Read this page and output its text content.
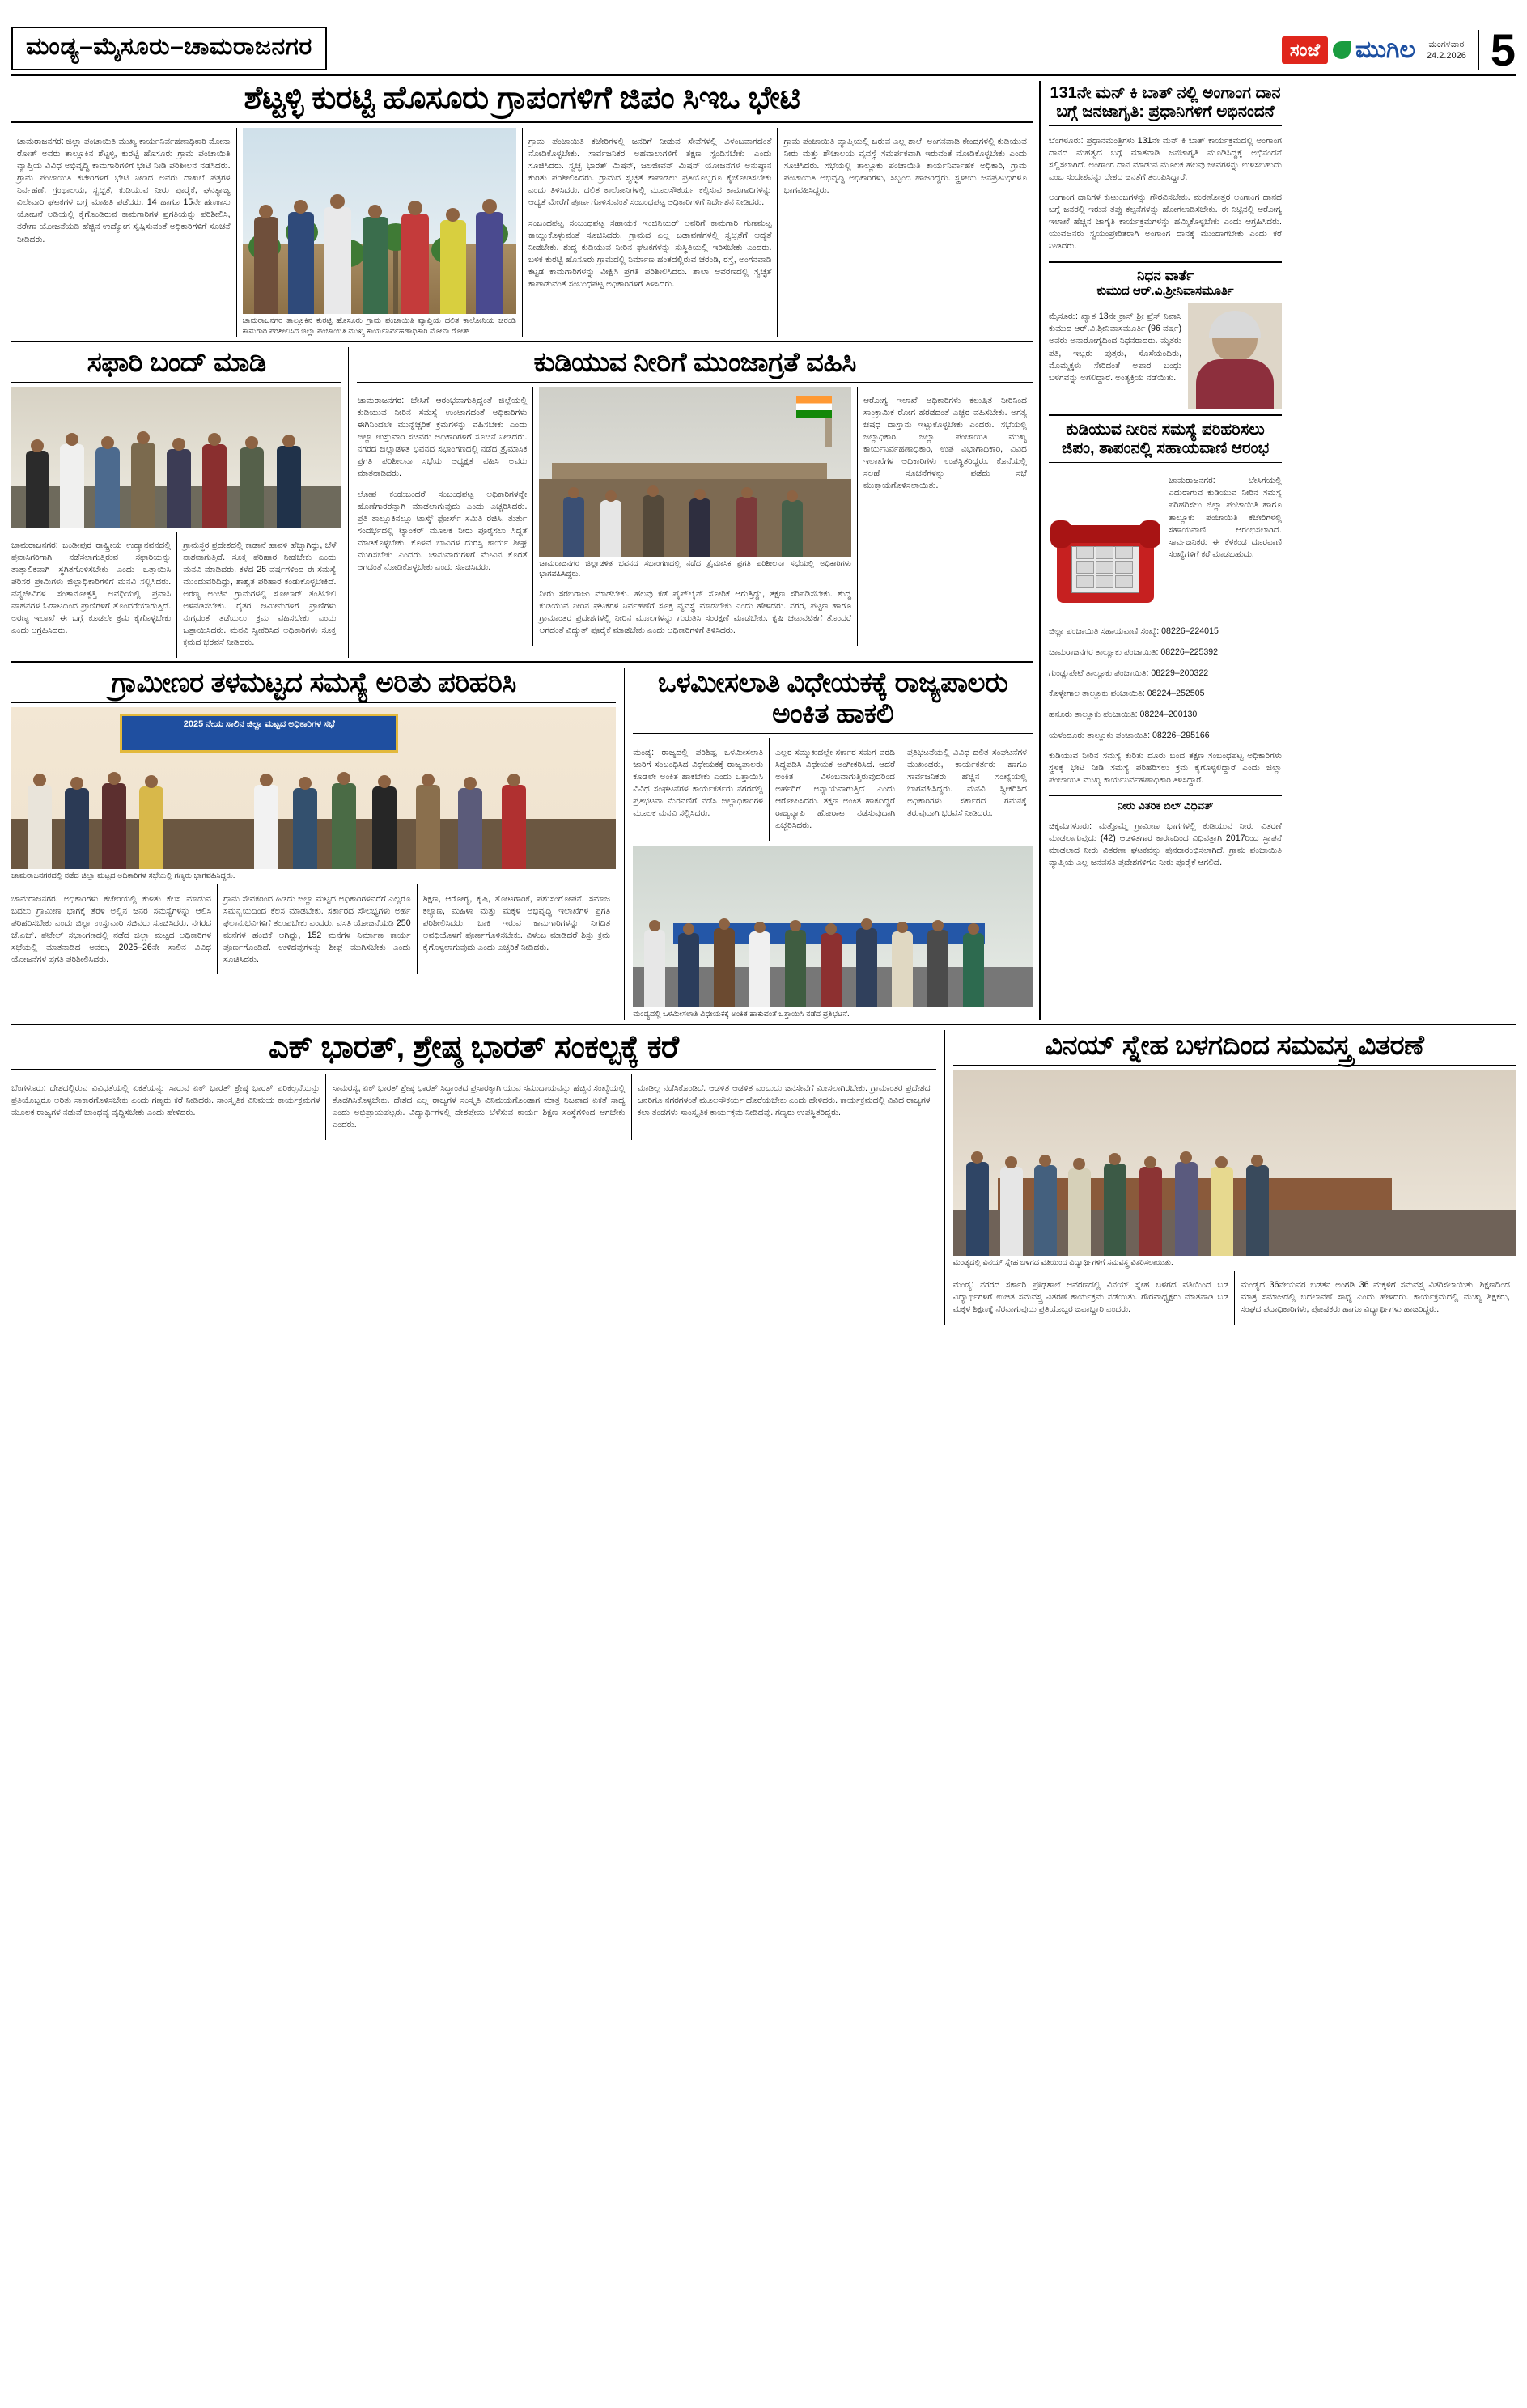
ಮಂಡ್ಯ–ಮೈಸೂರು–ಚಾಮರಾಜನಗರ	ಸಂಜೆ	ಮುಗಿಲ ಮಂಗಳವಾರ
24.2.2026 5
ಶೆಟ್ಟಳ್ಳಿ ಕುರಟ್ಟಿ ಹೊಸೂರು ಗ್ರಾಪಂಗಳಿಗೆ ಜಿಪಂ ಸಿಇಒ ಭೇಟಿ

ಚಾಮರಾಜನಗರ: ಜಿಲ್ಲಾ ಪಂಚಾಯಿತಿ ಮುಖ್ಯ ಕಾರ್ಯನಿರ್ವಹಣಾಧಿಕಾರಿ ಮೋನಾ ರೋತ್ ಅವರು ತಾಲ್ಲೂಕಿನ ಶೆಟ್ಟಳ್ಳಿ, ಕುರಟ್ಟಿ ಹೊಸೂರು ಗ್ರಾಮ ಪಂಚಾಯಿತಿ ವ್ಯಾಪ್ತಿಯ ವಿವಿಧ ಅಭಿವೃದ್ಧಿ ಕಾಮಗಾರಿಗಳಿಗೆ ಭೇಟಿ ನೀಡಿ ಪರಿಶೀಲನೆ ನಡೆಸಿದರು. ಗ್ರಾಮ ಪಂಚಾಯಿತಿ ಕಚೇರಿಗಳಿಗೆ ಭೇಟಿ ನೀಡಿದ ಅವರು ದಾಖಲೆ ಪತ್ರಗಳ ನಿರ್ವಹಣೆ, ಗ್ರಂಥಾಲಯ, ಸ್ವಚ್ಛತೆ, ಕುಡಿಯುವ ನೀರು ಪೂರೈಕೆ, ಘನತ್ಯಾಜ್ಯ ವಿಲೇವಾರಿ ಘಟಕಗಳ ಬಗ್ಗೆ ಮಾಹಿತಿ ಪಡೆದರು. 14 ಹಾಗೂ 15ನೇ ಹಣಕಾಸು ಯೋಜನೆ ಅಡಿಯಲ್ಲಿ ಕೈಗೊಂಡಿರುವ ಕಾಮಗಾರಿಗಳ ಪ್ರಗತಿಯನ್ನು ಪರಿಶೀಲಿಸಿ, ನರೇಗಾ ಯೋಜನೆಯಡಿ ಹೆಚ್ಚಿನ ಉದ್ಯೋಗ ಸೃಷ್ಟಿಸುವಂತೆ ಅಧಿಕಾರಿಗಳಿಗೆ ಸೂಚನೆ ನೀಡಿದರು.

ಚಾಮರಾಜನಗರ ತಾಲ್ಲೂಕಿನ ಕುರಟ್ಟಿ ಹೊಸೂರು ಗ್ರಾಮ ಪಂಚಾಯಿತಿ ವ್ಯಾಪ್ತಿಯ ದಲಿತ ಕಾಲೋನಿಯ ಚರಂಡಿ ಕಾಮಗಾರಿ ಪರಿಶೀಲಿಸಿದ ಜಿಲ್ಲಾ ಪಂಚಾಯಿತಿ ಮುಖ್ಯ ಕಾರ್ಯನಿರ್ವಹಣಾಧಿಕಾರಿ ಮೋನಾ ರೋತ್.

ಗ್ರಾಮ ಪಂಚಾಯಿತಿ ಕಚೇರಿಗಳಲ್ಲಿ ಜನರಿಗೆ ನೀಡುವ ಸೇವೆಗಳಲ್ಲಿ ವಿಳಂಬವಾಗದಂತೆ ನೋಡಿಕೊಳ್ಳಬೇಕು. ಸಾರ್ವಜನಿಕರ ಅಹವಾಲುಗಳಿಗೆ ತಕ್ಷಣ ಸ್ಪಂದಿಸಬೇಕು ಎಂದು ಸೂಚಿಸಿದರು. ಸ್ವಚ್ಛ ಭಾರತ್ ಮಿಷನ್, ಜಲಜೀವನ್ ಮಿಷನ್ ಯೋಜನೆಗಳ ಅನುಷ್ಠಾನ ಕುರಿತು ಪರಿಶೀಲಿಸಿದರು. ಗ್ರಾಮದ ಸ್ವಚ್ಛತೆ ಕಾಪಾಡಲು ಪ್ರತಿಯೊಬ್ಬರೂ ಕೈಜೋಡಿಸಬೇಕು ಎಂದು ತಿಳಿಸಿದರು. ದಲಿತ ಕಾಲೋನಿಗಳಲ್ಲಿ ಮೂಲಸೌಕರ್ಯ ಕಲ್ಪಿಸುವ ಕಾಮಗಾರಿಗಳನ್ನು ಆದ್ಯತೆ ಮೇರೆಗೆ ಪೂರ್ಣಗೊಳಿಸುವಂತೆ ಸಂಬಂಧಪಟ್ಟ ಅಧಿಕಾರಿಗಳಿಗೆ ನಿರ್ದೇಶನ ನೀಡಿದರು.

ಸಂಬಂಧಪಟ್ಟ ಸಂಬಂಧಪಟ್ಟ ಸಹಾಯಕ ಇಂಜಿನಿಯರ್ ಅವರಿಗೆ ಕಾಮಗಾರಿ ಗುಣಮಟ್ಟ ಕಾಯ್ದುಕೊಳ್ಳುವಂತೆ ಸೂಚಿಸಿದರು. ಗ್ರಾಮದ ಎಲ್ಲ ಬಡಾವಣೆಗಳಲ್ಲಿ ಸ್ವಚ್ಛತೆಗೆ ಆದ್ಯತೆ ನೀಡಬೇಕು. ಶುದ್ಧ ಕುಡಿಯುವ ನೀರಿನ ಘಟಕಗಳನ್ನು ಸುಸ್ಥಿತಿಯಲ್ಲಿ ಇರಿಸಬೇಕು ಎಂದರು. ಬಳಿಕ ಕುರಟ್ಟಿ ಹೊಸೂರು ಗ್ರಾಮದಲ್ಲಿ ನಿರ್ಮಾಣ ಹಂತದಲ್ಲಿರುವ ಚರಂಡಿ, ರಸ್ತೆ, ಅಂಗನವಾಡಿ ಕಟ್ಟಡ ಕಾಮಗಾರಿಗಳನ್ನು ವೀಕ್ಷಿಸಿ ಪ್ರಗತಿ ಪರಿಶೀಲಿಸಿದರು. ಶಾಲಾ ಆವರಣದಲ್ಲಿ ಸ್ವಚ್ಛತೆ ಕಾಪಾಡುವಂತೆ ಸಂಬಂಧಪಟ್ಟ ಅಧಿಕಾರಿಗಳಿಗೆ ತಿಳಿಸಿದರು.

ಗ್ರಾಮ ಪಂಚಾಯಿತಿ ವ್ಯಾಪ್ತಿಯಲ್ಲಿ ಬರುವ ಎಲ್ಲ ಶಾಲೆ, ಅಂಗನವಾಡಿ ಕೇಂದ್ರಗಳಲ್ಲಿ ಕುಡಿಯುವ ನೀರು ಮತ್ತು ಶೌಚಾಲಯ ವ್ಯವಸ್ಥೆ ಸಮರ್ಪಕವಾಗಿ ಇರುವಂತೆ ನೋಡಿಕೊಳ್ಳಬೇಕು ಎಂದು ಸೂಚಿಸಿದರು. ಸಭೆಯಲ್ಲಿ ತಾಲ್ಲೂಕು ಪಂಚಾಯಿತಿ ಕಾರ್ಯನಿರ್ವಾಹಕ ಅಧಿಕಾರಿ, ಗ್ರಾಮ ಪಂಚಾಯಿತಿ ಅಭಿವೃದ್ಧಿ ಅಧಿಕಾರಿಗಳು, ಸಿಬ್ಬಂದಿ ಹಾಜರಿದ್ದರು. ಸ್ಥಳೀಯ ಜನಪ್ರತಿನಿಧಿಗಳೂ ಭಾಗವಹಿಸಿದ್ದರು.

ಸಫಾರಿ ಬಂದ್ ಮಾಡಿ

ಚಾಮರಾಜನಗರ: ಬಂಡೀಪುರ ರಾಷ್ಟ್ರೀಯ ಉದ್ಯಾನವನದಲ್ಲಿ ಪ್ರವಾಸಿಗರಿಗಾಗಿ ನಡೆಸಲಾಗುತ್ತಿರುವ ಸಫಾರಿಯನ್ನು ತಾತ್ಕಾಲಿಕವಾಗಿ ಸ್ಥಗಿತಗೊಳಿಸಬೇಕು ಎಂದು ಒತ್ತಾಯಿಸಿ ಪರಿಸರ ಪ್ರೇಮಿಗಳು ಜಿಲ್ಲಾಧಿಕಾರಿಗಳಿಗೆ ಮನವಿ ಸಲ್ಲಿಸಿದರು. ವನ್ಯಜೀವಿಗಳ ಸಂತಾನೋತ್ಪತ್ತಿ ಅವಧಿಯಲ್ಲಿ ಪ್ರವಾಸಿ ವಾಹನಗಳ ಓಡಾಟದಿಂದ ಪ್ರಾಣಿಗಳಿಗೆ ತೊಂದರೆಯಾಗುತ್ತಿದೆ. ಅರಣ್ಯ ಇಲಾಖೆ ಈ ಬಗ್ಗೆ ಕೂಡಲೇ ಕ್ರಮ ಕೈಗೊಳ್ಳಬೇಕು ಎಂದು ಆಗ್ರಹಿಸಿದರು.

ಗ್ರಾಮಸ್ಥರ ಪ್ರದೇಶದಲ್ಲಿ ಕಾಡಾನೆ ಹಾವಳಿ ಹೆಚ್ಚಾಗಿದ್ದು, ಬೆಳೆ ನಾಶವಾಗುತ್ತಿದೆ. ಸೂಕ್ತ ಪರಿಹಾರ ನೀಡಬೇಕು ಎಂದು ಮನವಿ ಮಾಡಿದರು. ಕಳೆದ 25 ವರ್ಷಗಳಿಂದ ಈ ಸಮಸ್ಯೆ ಮುಂದುವರಿದಿದ್ದು, ಶಾಶ್ವತ ಪರಿಹಾರ ಕಂಡುಕೊಳ್ಳಬೇಕಿದೆ. ಅರಣ್ಯ ಅಂಚಿನ ಗ್ರಾಮಗಳಲ್ಲಿ ಸೋಲಾರ್ ತಂತಿಬೇಲಿ ಅಳವಡಿಸಬೇಕು. ರೈತರ ಜಮೀನುಗಳಿಗೆ ಪ್ರಾಣಿಗಳು ನುಗ್ಗದಂತೆ ತಡೆಯಲು ಕ್ರಮ ವಹಿಸಬೇಕು ಎಂದು ಒತ್ತಾಯಿಸಿದರು. ಮನವಿ ಸ್ವೀಕರಿಸಿದ ಅಧಿಕಾರಿಗಳು ಸೂಕ್ತ ಕ್ರಮದ ಭರವಸೆ ನೀಡಿದರು.

ಕುಡಿಯುವ ನೀರಿಗೆ ಮುಂಜಾಗ್ರತೆ ವಹಿಸಿ

ಚಾಮರಾಜನಗರ: ಬೇಸಿಗೆ ಆರಂಭವಾಗುತ್ತಿದ್ದಂತೆ ಜಿಲ್ಲೆಯಲ್ಲಿ ಕುಡಿಯುವ ನೀರಿನ ಸಮಸ್ಯೆ ಉಂಟಾಗದಂತೆ ಅಧಿಕಾರಿಗಳು ಈಗಿನಿಂದಲೇ ಮುನ್ನೆಚ್ಚರಿಕೆ ಕ್ರಮಗಳನ್ನು ವಹಿಸಬೇಕು ಎಂದು ಜಿಲ್ಲಾ ಉಸ್ತುವಾರಿ ಸಚಿವರು ಅಧಿಕಾರಿಗಳಿಗೆ ಸೂಚನೆ ನೀಡಿದರು. ನಗರದ ಜಿಲ್ಲಾಡಳಿತ ಭವನದ ಸಭಾಂಗಣದಲ್ಲಿ ನಡೆದ ತ್ರೈಮಾಸಿಕ ಪ್ರಗತಿ ಪರಿಶೀಲನಾ ಸಭೆಯ ಅಧ್ಯಕ್ಷತೆ ವಹಿಸಿ ಅವರು ಮಾತನಾಡಿದರು.

ಲೋಪ ಕಂಡುಬಂದರೆ ಸಂಬಂಧಪಟ್ಟ ಅಧಿಕಾರಿಗಳನ್ನೇ ಹೊಣೆಗಾರರನ್ನಾಗಿ ಮಾಡಲಾಗುವುದು ಎಂದು ಎಚ್ಚರಿಸಿದರು. ಪ್ರತಿ ತಾಲ್ಲೂಕಿನಲ್ಲೂ ಟಾಸ್ಕ್ ಫೋರ್ಸ್ ಸಮಿತಿ ರಚಿಸಿ, ತುರ್ತು ಸಂದರ್ಭದಲ್ಲಿ ಟ್ಯಾಂಕರ್ ಮೂಲಕ ನೀರು ಪೂರೈಸಲು ಸಿದ್ಧತೆ ಮಾಡಿಕೊಳ್ಳಬೇಕು. ಕೊಳವೆ ಬಾವಿಗಳ ದುರಸ್ತಿ ಕಾರ್ಯ ಶೀಘ್ರ ಮುಗಿಸಬೇಕು ಎಂದರು. ಜಾನುವಾರುಗಳಿಗೆ ಮೇವಿನ ಕೊರತೆ ಆಗದಂತೆ ನೋಡಿಕೊಳ್ಳಬೇಕು ಎಂದು ಸೂಚಿಸಿದರು.	ಚಾಮರಾಜನಗರ ಜಿಲ್ಲಾಡಳಿತ ಭವನದ ಸಭಾಂಗಣದಲ್ಲಿ ನಡೆದ ತ್ರೈಮಾಸಿಕ ಪ್ರಗತಿ ಪರಿಶೀಲನಾ ಸಭೆಯಲ್ಲಿ ಅಧಿಕಾರಿಗಳು ಭಾಗವಹಿಸಿದ್ದರು.

ನೀರು ಸರಬರಾಜು ಮಾಡಬೇಕು. ಹಲವು ಕಡೆ ಪೈಪ್‌ಲೈನ್ ಸೋರಿಕೆ ಆಗುತ್ತಿದ್ದು, ತಕ್ಷಣ ಸರಿಪಡಿಸಬೇಕು. ಶುದ್ಧ ಕುಡಿಯುವ ನೀರಿನ ಘಟಕಗಳ ನಿರ್ವಹಣೆಗೆ ಸೂಕ್ತ ವ್ಯವಸ್ಥೆ ಮಾಡಬೇಕು ಎಂದು ಹೇಳಿದರು. ನಗರ, ಪಟ್ಟಣ ಹಾಗೂ ಗ್ರಾಮಾಂತರ ಪ್ರದೇಶಗಳಲ್ಲಿ ನೀರಿನ ಮೂಲಗಳನ್ನು ಗುರುತಿಸಿ ಸಂರಕ್ಷಣೆ ಮಾಡಬೇಕು. ಕೃಷಿ ಚಟುವಟಿಕೆಗೆ ತೊಂದರೆ ಆಗದಂತೆ ವಿದ್ಯುತ್ ಪೂರೈಕೆ ಮಾಡಬೇಕು ಎಂದು ಅಧಿಕಾರಿಗಳಿಗೆ ತಿಳಿಸಿದರು.

ಆರೋಗ್ಯ ಇಲಾಖೆ ಅಧಿಕಾರಿಗಳು ಕಲುಷಿತ ನೀರಿನಿಂದ ಸಾಂಕ್ರಾಮಿಕ ರೋಗ ಹರಡದಂತೆ ಎಚ್ಚರ ವಹಿಸಬೇಕು. ಅಗತ್ಯ ಔಷಧ ದಾಸ್ತಾನು ಇಟ್ಟುಕೊಳ್ಳಬೇಕು ಎಂದರು. ಸಭೆಯಲ್ಲಿ ಜಿಲ್ಲಾಧಿಕಾರಿ, ಜಿಲ್ಲಾ ಪಂಚಾಯಿತಿ ಮುಖ್ಯ ಕಾರ್ಯನಿರ್ವಹಣಾಧಿಕಾರಿ, ಉಪ ವಿಭಾಗಾಧಿಕಾರಿ, ವಿವಿಧ ಇಲಾಖೆಗಳ ಅಧಿಕಾರಿಗಳು ಉಪಸ್ಥಿತರಿದ್ದರು. ಕೊನೆಯಲ್ಲಿ ಸಲಹೆ ಸೂಚನೆಗಳನ್ನು ಪಡೆದು ಸಭೆ ಮುಕ್ತಾಯಗೊಳಿಸಲಾಯಿತು.

ಗ್ರಾಮೀಣರ ತಳಮಟ್ಟದ ಸಮಸ್ಯೆ ಅರಿತು ಪರಿಹರಿಸಿ
2025 ನೇಯ ಸಾಲಿನ ಜಿಲ್ಲಾ ಮಟ್ಟದ ಅಧಿಕಾರಿಗಳ ಸಭೆ
ಚಾಮರಾಜನಗರದಲ್ಲಿ ನಡೆದ ಜಿಲ್ಲಾ ಮಟ್ಟದ ಅಧಿಕಾರಿಗಳ ಸಭೆಯಲ್ಲಿ ಗಣ್ಯರು ಭಾಗವಹಿಸಿದ್ದರು.

ಚಾಮರಾಜನಗರ: ಅಧಿಕಾರಿಗಳು ಕಚೇರಿಯಲ್ಲಿ ಕುಳಿತು ಕೆಲಸ ಮಾಡುವ ಬದಲು ಗ್ರಾಮೀಣ ಭಾಗಕ್ಕೆ ತೆರಳಿ ಅಲ್ಲಿನ ಜನರ ಸಮಸ್ಯೆಗಳನ್ನು ಆಲಿಸಿ ಪರಿಹರಿಸಬೇಕು ಎಂದು ಜಿಲ್ಲಾ ಉಸ್ತುವಾರಿ ಸಚಿವರು ಸೂಚಿಸಿದರು. ನಗರದ ಜೆ.ಎಚ್. ಪಟೇಲ್ ಸಭಾಂಗಣದಲ್ಲಿ ನಡೆದ ಜಿಲ್ಲಾ ಮಟ್ಟದ ಅಧಿಕಾರಿಗಳ ಸಭೆಯಲ್ಲಿ ಮಾತನಾಡಿದ ಅವರು, 2025–26ನೇ ಸಾಲಿನ ವಿವಿಧ ಯೋಜನೆಗಳ ಪ್ರಗತಿ ಪರಿಶೀಲಿಸಿದರು.

ಗ್ರಾಮ ಸೇವಕರಿಂದ ಹಿಡಿದು ಜಿಲ್ಲಾ ಮಟ್ಟದ ಅಧಿಕಾರಿಗಳವರೆಗೆ ಎಲ್ಲರೂ ಸಮನ್ವಯದಿಂದ ಕೆಲಸ ಮಾಡಬೇಕು. ಸರ್ಕಾರದ ಸೌಲಭ್ಯಗಳು ಅರ್ಹ ಫಲಾನುಭವಿಗಳಿಗೆ ತಲುಪಬೇಕು ಎಂದರು. ವಸತಿ ಯೋಜನೆಯಡಿ 250 ಮನೆಗಳ ಹಂಚಿಕೆ ಆಗಿದ್ದು, 152 ಮನೆಗಳ ನಿರ್ಮಾಣ ಕಾರ್ಯ ಪೂರ್ಣಗೊಂಡಿದೆ. ಉಳಿದವುಗಳನ್ನು ಶೀಘ್ರ ಮುಗಿಸಬೇಕು ಎಂದು ಸೂಚಿಸಿದರು.

ಶಿಕ್ಷಣ, ಆರೋಗ್ಯ, ಕೃಷಿ, ತೋಟಗಾರಿಕೆ, ಪಶುಸಂಗೋಪನೆ, ಸಮಾಜ ಕಲ್ಯಾಣ, ಮಹಿಳಾ ಮತ್ತು ಮಕ್ಕಳ ಅಭಿವೃದ್ಧಿ ಇಲಾಖೆಗಳ ಪ್ರಗತಿ ಪರಿಶೀಲಿಸಿದರು. ಬಾಕಿ ಇರುವ ಕಾಮಗಾರಿಗಳನ್ನು ನಿಗದಿತ ಅವಧಿಯೊಳಗೆ ಪೂರ್ಣಗೊಳಿಸಬೇಕು. ವಿಳಂಬ ಮಾಡಿದರೆ ಶಿಸ್ತು ಕ್ರಮ ಕೈಗೊಳ್ಳಲಾಗುವುದು ಎಂದು ಎಚ್ಚರಿಕೆ ನೀಡಿದರು.

ಒಳಮೀಸಲಾತಿ ವಿಧೇಯಕಕ್ಕೆ ರಾಜ್ಯಪಾಲರು ಅಂಕಿತ ಹಾಕಲಿ

ಮಂಡ್ಯ: ರಾಜ್ಯದಲ್ಲಿ ಪರಿಶಿಷ್ಟ ಒಳಮೀಸಲಾತಿ ಜಾರಿಗೆ ಸಂಬಂಧಿಸಿದ ವಿಧೇಯಕಕ್ಕೆ ರಾಜ್ಯಪಾಲರು ಕೂಡಲೇ ಅಂಕಿತ ಹಾಕಬೇಕು ಎಂದು ಒತ್ತಾಯಿಸಿ ವಿವಿಧ ಸಂಘಟನೆಗಳ ಕಾರ್ಯಕರ್ತರು ನಗರದಲ್ಲಿ ಪ್ರತಿಭಟನಾ ಮೆರವಣಿಗೆ ನಡೆಸಿ ಜಿಲ್ಲಾಧಿಕಾರಿಗಳ ಮೂಲಕ ಮನವಿ ಸಲ್ಲಿಸಿದರು.

ಎಲ್ಲರ ಸಮ್ಮುಖದಲ್ಲೇ ಸರ್ಕಾರ ಸಮಗ್ರ ವರದಿ ಸಿದ್ಧಪಡಿಸಿ ವಿಧೇಯಕ ಅಂಗೀಕರಿಸಿದೆ. ಆದರೆ ಅಂಕಿತ ವಿಳಂಬವಾಗುತ್ತಿರುವುದರಿಂದ ಅರ್ಹರಿಗೆ ಅನ್ಯಾಯವಾಗುತ್ತಿದೆ ಎಂದು ಆರೋಪಿಸಿದರು. ತಕ್ಷಣ ಅಂಕಿತ ಹಾಕದಿದ್ದರೆ ರಾಜ್ಯವ್ಯಾಪಿ ಹೋರಾಟ ನಡೆಸುವುದಾಗಿ ಎಚ್ಚರಿಸಿದರು.

ಪ್ರತಿಭಟನೆಯಲ್ಲಿ ವಿವಿಧ ದಲಿತ ಸಂಘಟನೆಗಳ ಮುಖಂಡರು, ಕಾರ್ಯಕರ್ತರು ಹಾಗೂ ಸಾರ್ವಜನಿಕರು ಹೆಚ್ಚಿನ ಸಂಖ್ಯೆಯಲ್ಲಿ ಭಾಗವಹಿಸಿದ್ದರು. ಮನವಿ ಸ್ವೀಕರಿಸಿದ ಅಧಿಕಾರಿಗಳು ಸರ್ಕಾರದ ಗಮನಕ್ಕೆ ತರುವುದಾಗಿ ಭರವಸೆ ನೀಡಿದರು.

ಮಂಡ್ಯದಲ್ಲಿ ಒಳಮೀಸಲಾತಿ ವಿಧೇಯಕಕ್ಕೆ ಅಂಕಿತ ಹಾಕುವಂತೆ ಒತ್ತಾಯಿಸಿ ನಡೆದ ಪ್ರತಿಭಟನೆ.
131ನೇ ಮನ್ ಕಿ ಬಾತ್ ನಲ್ಲಿ ಅಂಗಾಂಗ ದಾನ ಬಗ್ಗೆ ಜನಜಾಗೃತಿ: ಪ್ರಧಾನಿಗಳಿಗೆ ಅಭಿನಂದನೆ

ಬೆಂಗಳೂರು: ಪ್ರಧಾನಮಂತ್ರಿಗಳು 131ನೇ ಮನ್ ಕಿ ಬಾತ್ ಕಾರ್ಯಕ್ರಮದಲ್ಲಿ ಅಂಗಾಂಗ ದಾನದ ಮಹತ್ವದ ಬಗ್ಗೆ ಮಾತನಾಡಿ ಜನಜಾಗೃತಿ ಮೂಡಿಸಿದ್ದಕ್ಕೆ ಅಭಿನಂದನೆ ಸಲ್ಲಿಸಲಾಗಿದೆ. ಅಂಗಾಂಗ ದಾನ ಮಾಡುವ ಮೂಲಕ ಹಲವು ಜೀವಗಳನ್ನು ಉಳಿಸಬಹುದು ಎಂಬ ಸಂದೇಶವನ್ನು ದೇಶದ ಜನತೆಗೆ ತಲುಪಿಸಿದ್ದಾರೆ.

ಅಂಗಾಂಗ ದಾನಿಗಳ ಕುಟುಂಬಗಳನ್ನು ಗೌರವಿಸಬೇಕು. ಮರಣೋತ್ತರ ಅಂಗಾಂಗ ದಾನದ ಬಗ್ಗೆ ಜನರಲ್ಲಿ ಇರುವ ತಪ್ಪು ಕಲ್ಪನೆಗಳನ್ನು ಹೋಗಲಾಡಿಸಬೇಕು. ಈ ನಿಟ್ಟಿನಲ್ಲಿ ಆರೋಗ್ಯ ಇಲಾಖೆ ಹೆಚ್ಚಿನ ಜಾಗೃತಿ ಕಾರ್ಯಕ್ರಮಗಳನ್ನು ಹಮ್ಮಿಕೊಳ್ಳಬೇಕು ಎಂದು ಆಗ್ರಹಿಸಿದರು. ಯುವಜನರು ಸ್ವಯಂಪ್ರೇರಿತರಾಗಿ ಅಂಗಾಂಗ ದಾನಕ್ಕೆ ಮುಂದಾಗಬೇಕು ಎಂದು ಕರೆ ನೀಡಿದರು.

ನಿಧನ ವಾರ್ತೆ
ಕುಮುದ ಆರ್.ವಿ.ಶ್ರೀನಿವಾಸಮೂರ್ತಿ

ಮೈಸೂರು: ಖ್ಯಾತ 13ನೇ ಕ್ರಾಸ್ ಶ್ರೀ ಪ್ರೆಸ್ ನಿವಾಸಿ ಕುಮುದ ಆರ್.ವಿ.ಶ್ರೀನಿವಾಸಮೂರ್ತಿ (96 ವರ್ಷ) ಅವರು ಅನಾರೋಗ್ಯದಿಂದ ನಿಧನರಾದರು. ಮೃತರು ಪತಿ, ಇಬ್ಬರು ಪುತ್ರರು, ಸೊಸೆಯಂದಿರು, ಮೊಮ್ಮಕ್ಕಳು ಸೇರಿದಂತೆ ಅಪಾರ ಬಂಧು ಬಳಗವನ್ನು ಅಗಲಿದ್ದಾರೆ. ಅಂತ್ಯಕ್ರಿಯೆ ನಡೆಯಿತು.

ಕುಡಿಯುವ ನೀರಿನ ಸಮಸ್ಯೆ ಪರಿಹರಿಸಲು ಜಿಪಂ, ತಾಪಂನಲ್ಲಿ ಸಹಾಯವಾಣಿ ಆರಂಭ

ಚಾಮರಾಜನಗರ: ಬೇಸಿಗೆಯಲ್ಲಿ ಎದುರಾಗುವ ಕುಡಿಯುವ ನೀರಿನ ಸಮಸ್ಯೆ ಪರಿಹರಿಸಲು ಜಿಲ್ಲಾ ಪಂಚಾಯಿತಿ ಹಾಗೂ ತಾಲ್ಲೂಕು ಪಂಚಾಯಿತಿ ಕಚೇರಿಗಳಲ್ಲಿ ಸಹಾಯವಾಣಿ ಆರಂಭಿಸಲಾಗಿದೆ. ಸಾರ್ವಜನಿಕರು ಈ ಕೆಳಕಂಡ ದೂರವಾಣಿ ಸಂಖ್ಯೆಗಳಿಗೆ ಕರೆ ಮಾಡಬಹುದು.

ಜಿಲ್ಲಾ ಪಂಚಾಯಿತಿ ಸಹಾಯವಾಣಿ ಸಂಖ್ಯೆ: 08226–224015

ಚಾಮರಾಜನಗರ ತಾಲ್ಲೂಕು ಪಂಚಾಯಿತಿ: 08226–225392

ಗುಂಡ್ಲುಪೇಟೆ ತಾಲ್ಲೂಕು ಪಂಚಾಯಿತಿ: 08229–200322

ಕೊಳ್ಳೇಗಾಲ ತಾಲ್ಲೂಕು ಪಂಚಾಯಿತಿ: 08224–252505

ಹನೂರು ತಾಲ್ಲೂಕು ಪಂಚಾಯಿತಿ: 08224–200130

ಯಳಂದೂರು ತಾಲ್ಲೂಕು ಪಂಚಾಯಿತಿ: 08226–295166

ಕುಡಿಯುವ ನೀರಿನ ಸಮಸ್ಯೆ ಕುರಿತು ದೂರು ಬಂದ ತಕ್ಷಣ ಸಂಬಂಧಪಟ್ಟ ಅಧಿಕಾರಿಗಳು ಸ್ಥಳಕ್ಕೆ ಭೇಟಿ ನೀಡಿ ಸಮಸ್ಯೆ ಪರಿಹರಿಸಲು ಕ್ರಮ ಕೈಗೊಳ್ಳಲಿದ್ದಾರೆ ಎಂದು ಜಿಲ್ಲಾ ಪಂಚಾಯಿತಿ ಮುಖ್ಯ ಕಾರ್ಯನಿರ್ವಹಣಾಧಿಕಾರಿ ತಿಳಿಸಿದ್ದಾರೆ.

ನೀರು ವಿತರಿಕ ಬಿಲ್ ವಿಧಿವತ್

ಚಿಕ್ಕಮಗಳೂರು: ಮತ್ತೊಮ್ಮೆ ಗ್ರಾಮೀಣ ಭಾಗಗಳಲ್ಲಿ ಕುಡಿಯುವ ನೀರು ವಿತರಣೆ ಮಾಡಲಾಗುವುದು (42) ಆಡಳಿತಗಾರ ಕಾರಣದಿಂದ ವಿಧಿವತ್ತಾಗಿ 2017ರಿಂದ ಸ್ಥಾಪನೆ ಮಾಡಲಾದ ನೀರು ವಿತರಣಾ ಘಟಕವನ್ನು ಪುನರಾರಂಭಿಸಲಾಗಿದೆ. ಗ್ರಾಮ ಪಂಚಾಯಿತಿ ವ್ಯಾಪ್ತಿಯ ಎಲ್ಲ ಜನವಸತಿ ಪ್ರದೇಶಗಳಿಗೂ ನೀರು ಪೂರೈಕೆ ಆಗಲಿದೆ.

ಎಕ್ ಭಾರತ್, ಶ್ರೇಷ್ಠ ಭಾರತ್ ಸಂಕಲ್ಪಕ್ಕೆ ಕರೆ

ಬೆಂಗಳೂರು: ದೇಶದಲ್ಲಿರುವ ವಿವಿಧತೆಯಲ್ಲಿ ಏಕತೆಯನ್ನು ಸಾರುವ ಏಕ್ ಭಾರತ್ ಶ್ರೇಷ್ಠ ಭಾರತ್ ಪರಿಕಲ್ಪನೆಯನ್ನು ಪ್ರತಿಯೊಬ್ಬರೂ ಅರಿತು ಸಾಕಾರಗೊಳಿಸಬೇಕು ಎಂದು ಗಣ್ಯರು ಕರೆ ನೀಡಿದರು. ಸಾಂಸ್ಕೃತಿಕ ವಿನಿಮಯ ಕಾರ್ಯಕ್ರಮಗಳ ಮೂಲಕ ರಾಜ್ಯಗಳ ನಡುವೆ ಬಾಂಧವ್ಯ ವೃದ್ಧಿಸಬೇಕು ಎಂದು ಹೇಳಿದರು.

ಸಾಮರಸ್ಯ, ಏಕ್ ಭಾರತ್ ಶ್ರೇಷ್ಠ ಭಾರತ್ ಸಿದ್ಧಾಂತದ ಪ್ರಸಾರಕ್ಕಾಗಿ ಯುವ ಸಮುದಾಯವನ್ನು ಹೆಚ್ಚಿನ ಸಂಖ್ಯೆಯಲ್ಲಿ ತೊಡಗಿಸಿಕೊಳ್ಳಬೇಕು. ದೇಶದ ಎಲ್ಲ ರಾಜ್ಯಗಳ ಸಂಸ್ಕೃತಿ ವಿನಿಮಯಗೊಂಡಾಗ ಮಾತ್ರ ನಿಜವಾದ ಏಕತೆ ಸಾಧ್ಯ ಎಂದು ಅಭಿಪ್ರಾಯಪಟ್ಟರು. ವಿದ್ಯಾರ್ಥಿಗಳಲ್ಲಿ ದೇಶಪ್ರೇಮ ಬೆಳೆಸುವ ಕಾರ್ಯ ಶಿಕ್ಷಣ ಸಂಸ್ಥೆಗಳಿಂದ ಆಗಬೇಕು ಎಂದರು.

ಮಾಡಿಲ್ಲ ನಡೆಸಿಕೊಂಡಿದೆ. ಆಡಳಿತ ಆಡಳಿತ ಎಂಬುದು ಜನಸೇವೆಗೆ ಮೀಸಲಾಗಿರಬೇಕು. ಗ್ರಾಮಾಂತರ ಪ್ರದೇಶದ ಜನರಿಗೂ ನಗರಗಳಂತೆ ಮೂಲಸೌಕರ್ಯ ದೊರೆಯಬೇಕು ಎಂದು ಹೇಳಿದರು. ಕಾರ್ಯಕ್ರಮದಲ್ಲಿ ವಿವಿಧ ರಾಜ್ಯಗಳ ಕಲಾ ತಂಡಗಳು ಸಾಂಸ್ಕೃತಿಕ ಕಾರ್ಯಕ್ರಮ ನೀಡಿದವು. ಗಣ್ಯರು ಉಪಸ್ಥಿತರಿದ್ದರು.

ವಿನಯ್ ಸ್ನೇಹ ಬಳಗದಿಂದ ಸಮವಸ್ತ್ರ ವಿತರಣೆ
ಮಂಡ್ಯದಲ್ಲಿ ವಿನಯ್ ಸ್ನೇಹ ಬಳಗದ ವತಿಯಿಂದ ವಿದ್ಯಾರ್ಥಿಗಳಿಗೆ ಸಮವಸ್ತ್ರ ವಿತರಿಸಲಾಯಿತು.

ಮಂಡ್ಯ: ನಗರದ ಸರ್ಕಾರಿ ಪ್ರೌಢಶಾಲೆ ಆವರಣದಲ್ಲಿ ವಿನಯ್ ಸ್ನೇಹ ಬಳಗದ ವತಿಯಿಂದ ಬಡ ವಿದ್ಯಾರ್ಥಿಗಳಿಗೆ ಉಚಿತ ಸಮವಸ್ತ್ರ ವಿತರಣೆ ಕಾರ್ಯಕ್ರಮ ನಡೆಯಿತು. ಗೌರವಾಧ್ಯಕ್ಷರು ಮಾತನಾಡಿ ಬಡ ಮಕ್ಕಳ ಶಿಕ್ಷಣಕ್ಕೆ ನೆರವಾಗುವುದು ಪ್ರತಿಯೊಬ್ಬರ ಜವಾಬ್ದಾರಿ ಎಂದರು.

ಮಂಡ್ಯದ 36ನೇಯವರ ಬಡತನ ಅಂಗಡಿ 36 ಮಕ್ಕಳಿಗೆ ಸಮವಸ್ತ್ರ ವಿತರಿಸಲಾಯಿತು. ಶಿಕ್ಷಣದಿಂದ ಮಾತ್ರ ಸಮಾಜದಲ್ಲಿ ಬದಲಾವಣೆ ಸಾಧ್ಯ ಎಂದು ಹೇಳಿದರು. ಕಾರ್ಯಕ್ರಮದಲ್ಲಿ ಮುಖ್ಯ ಶಿಕ್ಷಕರು, ಸಂಘದ ಪದಾಧಿಕಾರಿಗಳು, ಪೋಷಕರು ಹಾಗೂ ವಿದ್ಯಾರ್ಥಿಗಳು ಹಾಜರಿದ್ದರು.
